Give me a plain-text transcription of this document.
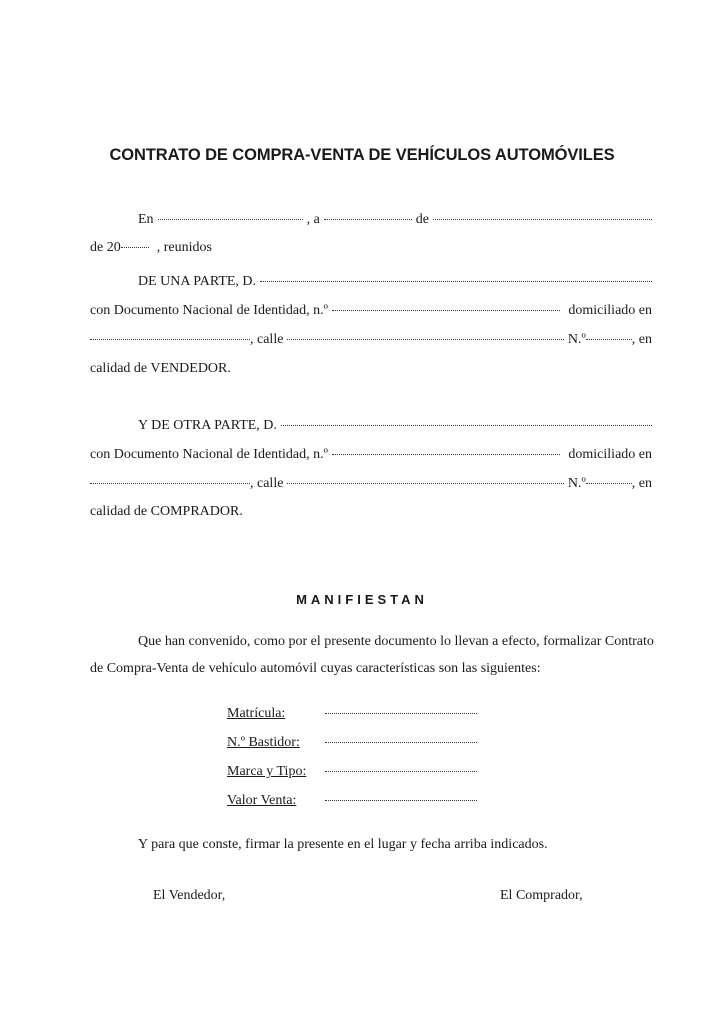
CONTRATO DE COMPRA-VENTA DE VEHÍCULOS AUTOMÓVILES
En	, a	de
de 20	, reunidos
DE UNA PARTE, D.
con Documento Nacional de Identidad, n.º	domiciliado en
, calle	N.º	, en
calidad de VENDEDOR.
Y DE OTRA PARTE, D.
con Documento Nacional de Identidad, n.º	domiciliado en
, calle	N.º	, en
calidad de COMPRADOR.
MANIFIESTAN
Que han convenido, como por el presente documento lo llevan a efecto, formalizar Contrato
de Compra-Venta de vehículo automóvil cuyas características son las siguientes:
Matrícula:
N.º Bastidor:
Marca y Tipo:
Valor Venta:
Y para que conste, firmar la presente en el lugar y fecha arriba indicados.
El Vendedor,	El Comprador,
